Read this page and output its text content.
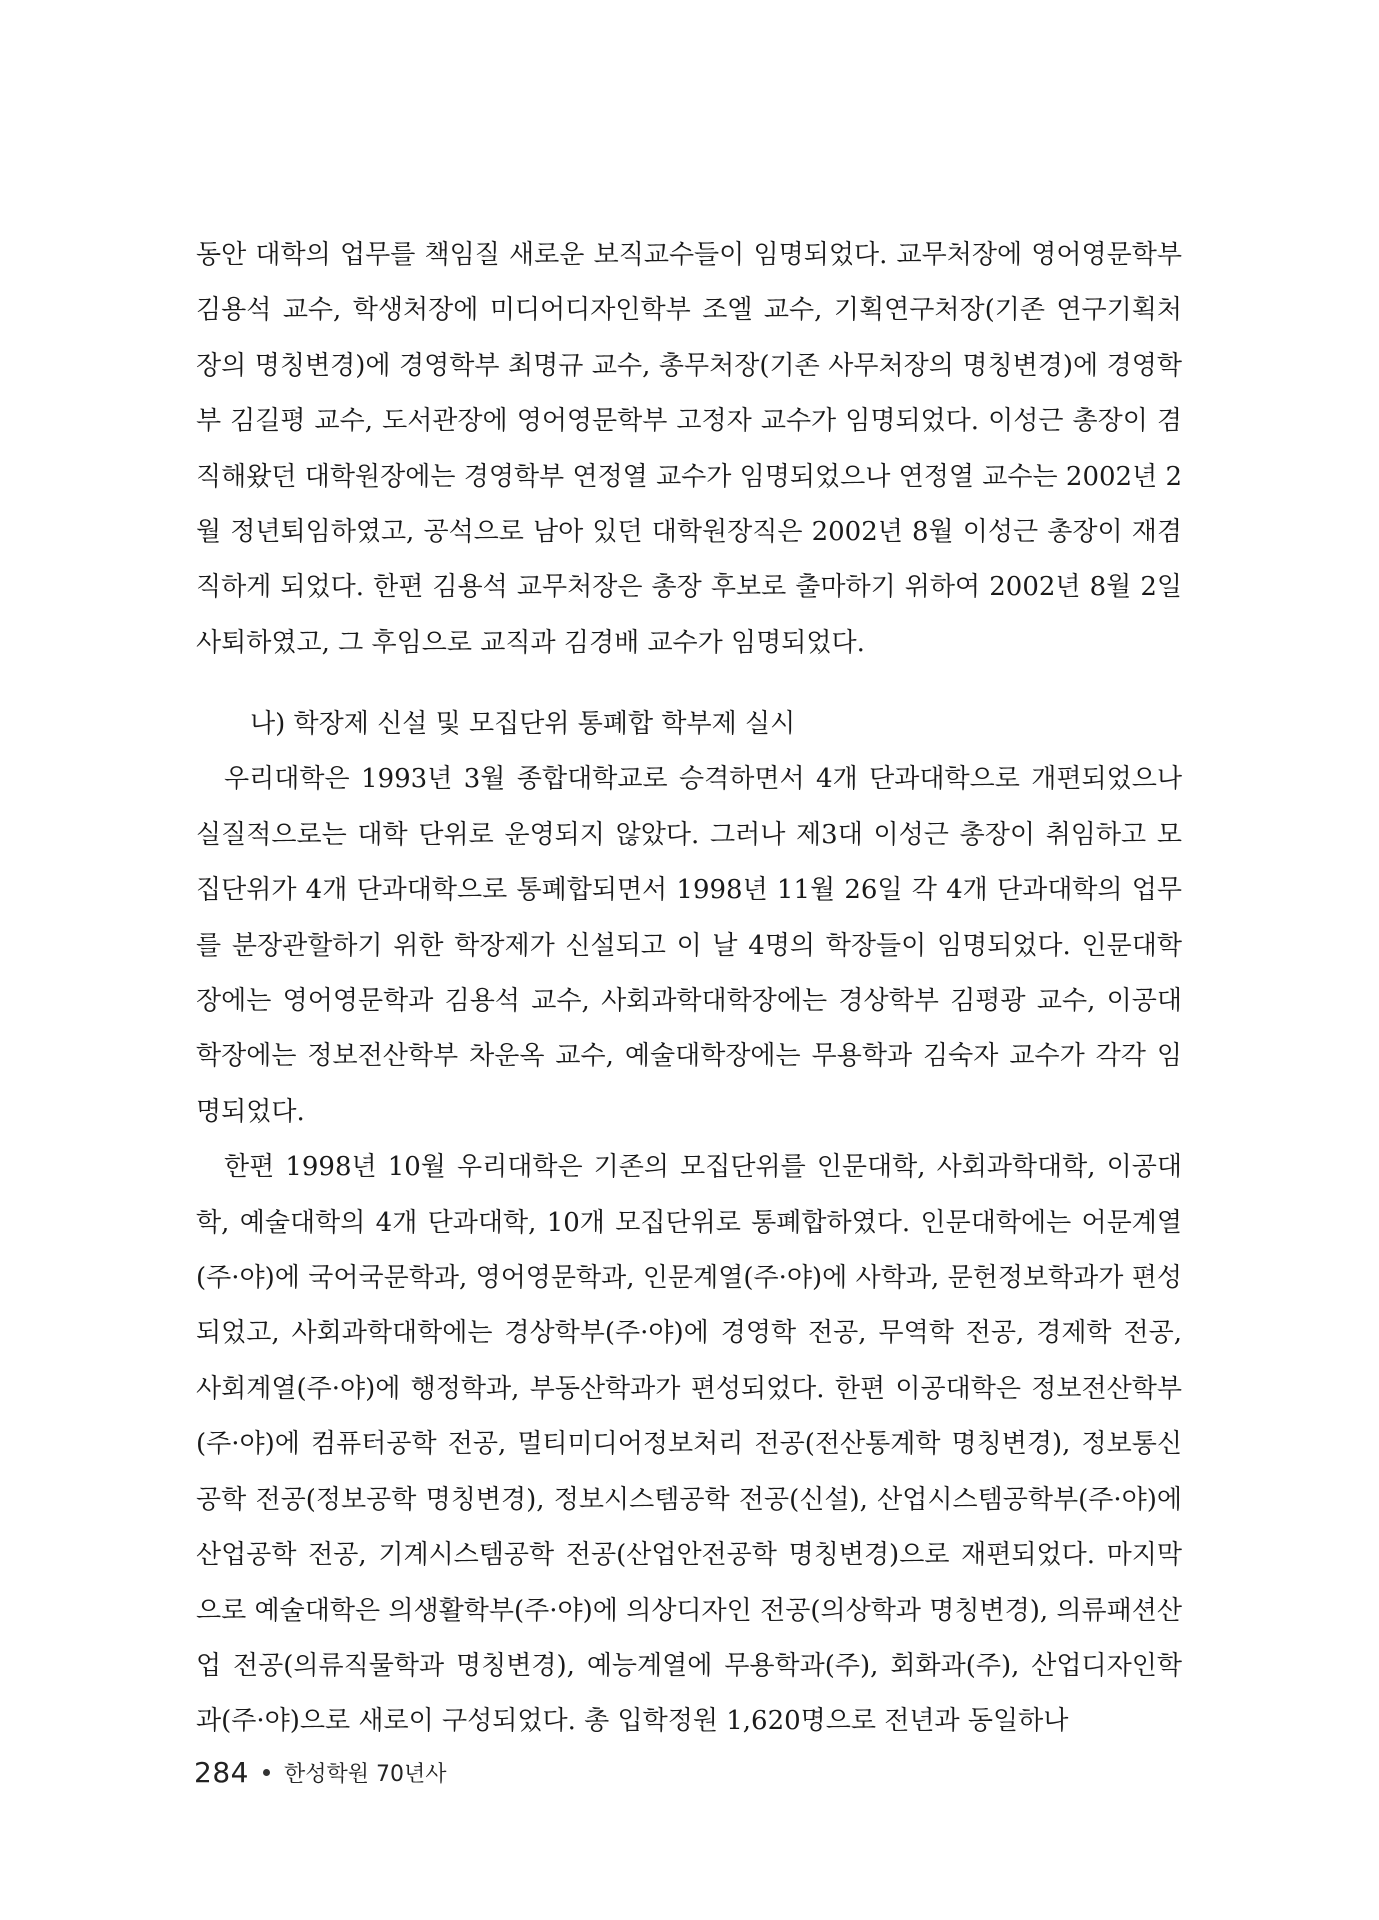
동안 대학의 업무를 책임질 새로운 보직교수들이 임명되었다. 교무처장에 영어영문학부 김용석 교수, 학생처장에 미디어디자인학부 조엘 교수, 기획연구처장(기존 연구기획처장의 명칭변경)에 경영학부 최명규 교수, 총무처장(기존 사무처장의 명칭변경)에 경영학부 김길평 교수, 도서관장에 영어영문학부 고정자 교수가 임명되었다. 이성근 총장이 겸직해왔던 대학원장에는 경영학부 연정열 교수가 임명되었으나 연정열 교수는 2002년 2월 정년퇴임하였고, 공석으로 남아 있던 대학원장직은 2002년 8월 이성근 총장이 재겸직하게 되었다. 한편 김용석 교무처장은 총장 후보로 출마하기 위하여 2002년 8월 2일 사퇴하였고, 그 후임으로 교직과 김경배 교수가 임명되었다.

나) 학장제 신설 및 모집단위 통폐합 학부제 실시

우리대학은 1993년 3월 종합대학교로 승격하면서 4개 단과대학으로 개편되었으나 실질적으로는 대학 단위로 운영되지 않았다. 그러나 제3대 이성근 총장이 취임하고 모집단위가 4개 단과대학으로 통폐합되면서 1998년 11월 26일 각 4개 단과대학의 업무를 분장관할하기 위한 학장제가 신설되고 이 날 4명의 학장들이 임명되었다. 인문대학장에는 영어영문학과 김용석 교수, 사회과학대학장에는 경상학부 김평광 교수, 이공대학장에는 정보전산학부 차운옥 교수, 예술대학장에는 무용학과 김숙자 교수가 각각 임명되었다.

한편 1998년 10월 우리대학은 기존의 모집단위를 인문대학, 사회과학대학, 이공대학, 예술대학의 4개 단과대학, 10개 모집단위로 통폐합하였다. 인문대학에는 어문계열(주·야)에 국어국문학과, 영어영문학과, 인문계열(주·야)에 사학과, 문헌정보학과가 편성되었고, 사회과학대학에는 경상학부(주·야)에 경영학 전공, 무역학 전공, 경제학 전공, 사회계열(주·야)에 행정학과, 부동산학과가 편성되었다. 한편 이공대학은 정보전산학부(주·야)에 컴퓨터공학 전공, 멀티미디어정보처리 전공(전산통계학 명칭변경), 정보통신공학 전공(정보공학 명칭변경), 정보시스템공학 전공(신설), 산업시스템공학부(주·야)에 산업공학 전공, 기계시스템공학 전공(산업안전공학 명칭변경)으로 재편되었다. 마지막으로 예술대학은 의생활학부(주·야)에 의상디자인 전공(의상학과 명칭변경), 의류패션산업 전공(의류직물학과 명칭변경), 예능계열에 무용학과(주), 회화과(주), 산업디자인학과(주·야)으로 새로이 구성되었다. 총 입학정원 1,620명으로 전년과 동일하나

284 한성학원 70년사
